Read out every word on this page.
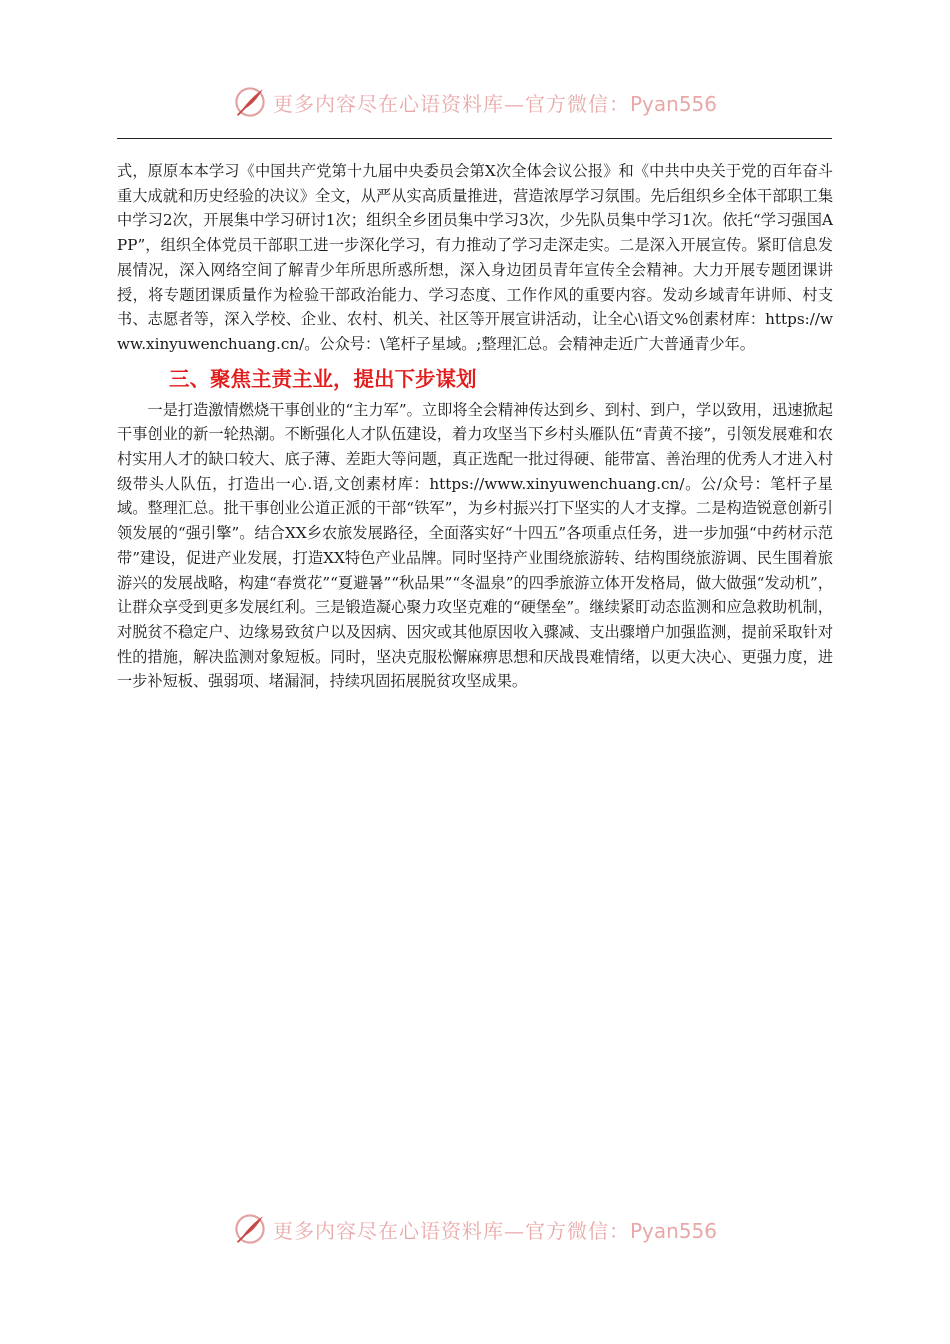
更多内容尽在心语资料库—官方微信：Pyan556

式，原原本本学习《中国共产党第十九届中央委员会第X次全体会议公报》和《中共中央关于党的百年奋斗重大成就和历史经验的决议》全文，从严从实高质量推进，营造浓厚学习氛围。先后组织乡全体干部职工集中学习2次，开展集中学习研讨1次；组织全乡团员集中学习3次，少先队员集中学习1次。依托“学习强国APP”，组织全体党员干部职工进一步深化学习，有力推动了学习走深走实。二是深入开展宣传。紧盯信息发展情况，深入网络空间了解青少年所思所惑所想，深入身边团员青年宣传全会精神。大力开展专题团课讲授，将专题团课质量作为检验干部政治能力、学习态度、工作作风的重要内容。发动乡域青年讲师、村支书、志愿者等，深入学校、企业、农村、机关、社区等开展宣讲活动，让全心\语文%创素材库：https://www.xinyuwenchuang.cn/。公众号：\笔杆子星域。;整理汇总。会精神走近广大普通青少年。

三、聚焦主责主业，提出下步谋划

一是打造激情燃烧干事创业的“主力军”。立即将全会精神传达到乡、到村、到户，学以致用，迅速掀起干事创业的新一轮热潮。不断强化人才队伍建设，着力攻坚当下乡村头雁队伍“青黄不接”，引领发展难和农村实用人才的缺口较大、底子薄、差距大等问题，真正选配一批过得硬、能带富、善治理的优秀人才进入村级带头人队伍，打造出一心.语,文创素材库：https://www.xinyuwenchuang.cn/。公/众号：笔杆子星域。整理汇总。批干事创业公道正派的干部“铁军”，为乡村振兴打下坚实的人才支撑。二是构造锐意创新引领发展的“强引擎”。结合XX乡农旅发展路径，全面落实好“十四五”各项重点任务，进一步加强“中药材示范带”建设，促进产业发展，打造XX特色产业品牌。同时坚持产业围绕旅游转、结构围绕旅游调、民生围着旅游兴的发展战略，构建“春赏花”“夏避暑”“秋品果”“冬温泉”的四季旅游立体开发格局，做大做强“发动机”，让群众享受到更多发展红利。三是锻造凝心聚力攻坚克难的“硬堡垒”。继续紧盯动态监测和应急救助机制，对脱贫不稳定户、边缘易致贫户以及因病、因灾或其他原因收入骤减、支出骤增户加强监测，提前采取针对性的措施，解决监测对象短板。同时，坚决克服松懈麻痹思想和厌战畏难情绪，以更大决心、更强力度，进一步补短板、强弱项、堵漏洞，持续巩固拓展脱贫攻坚成果。

更多内容尽在心语资料库—官方微信：Pyan556
